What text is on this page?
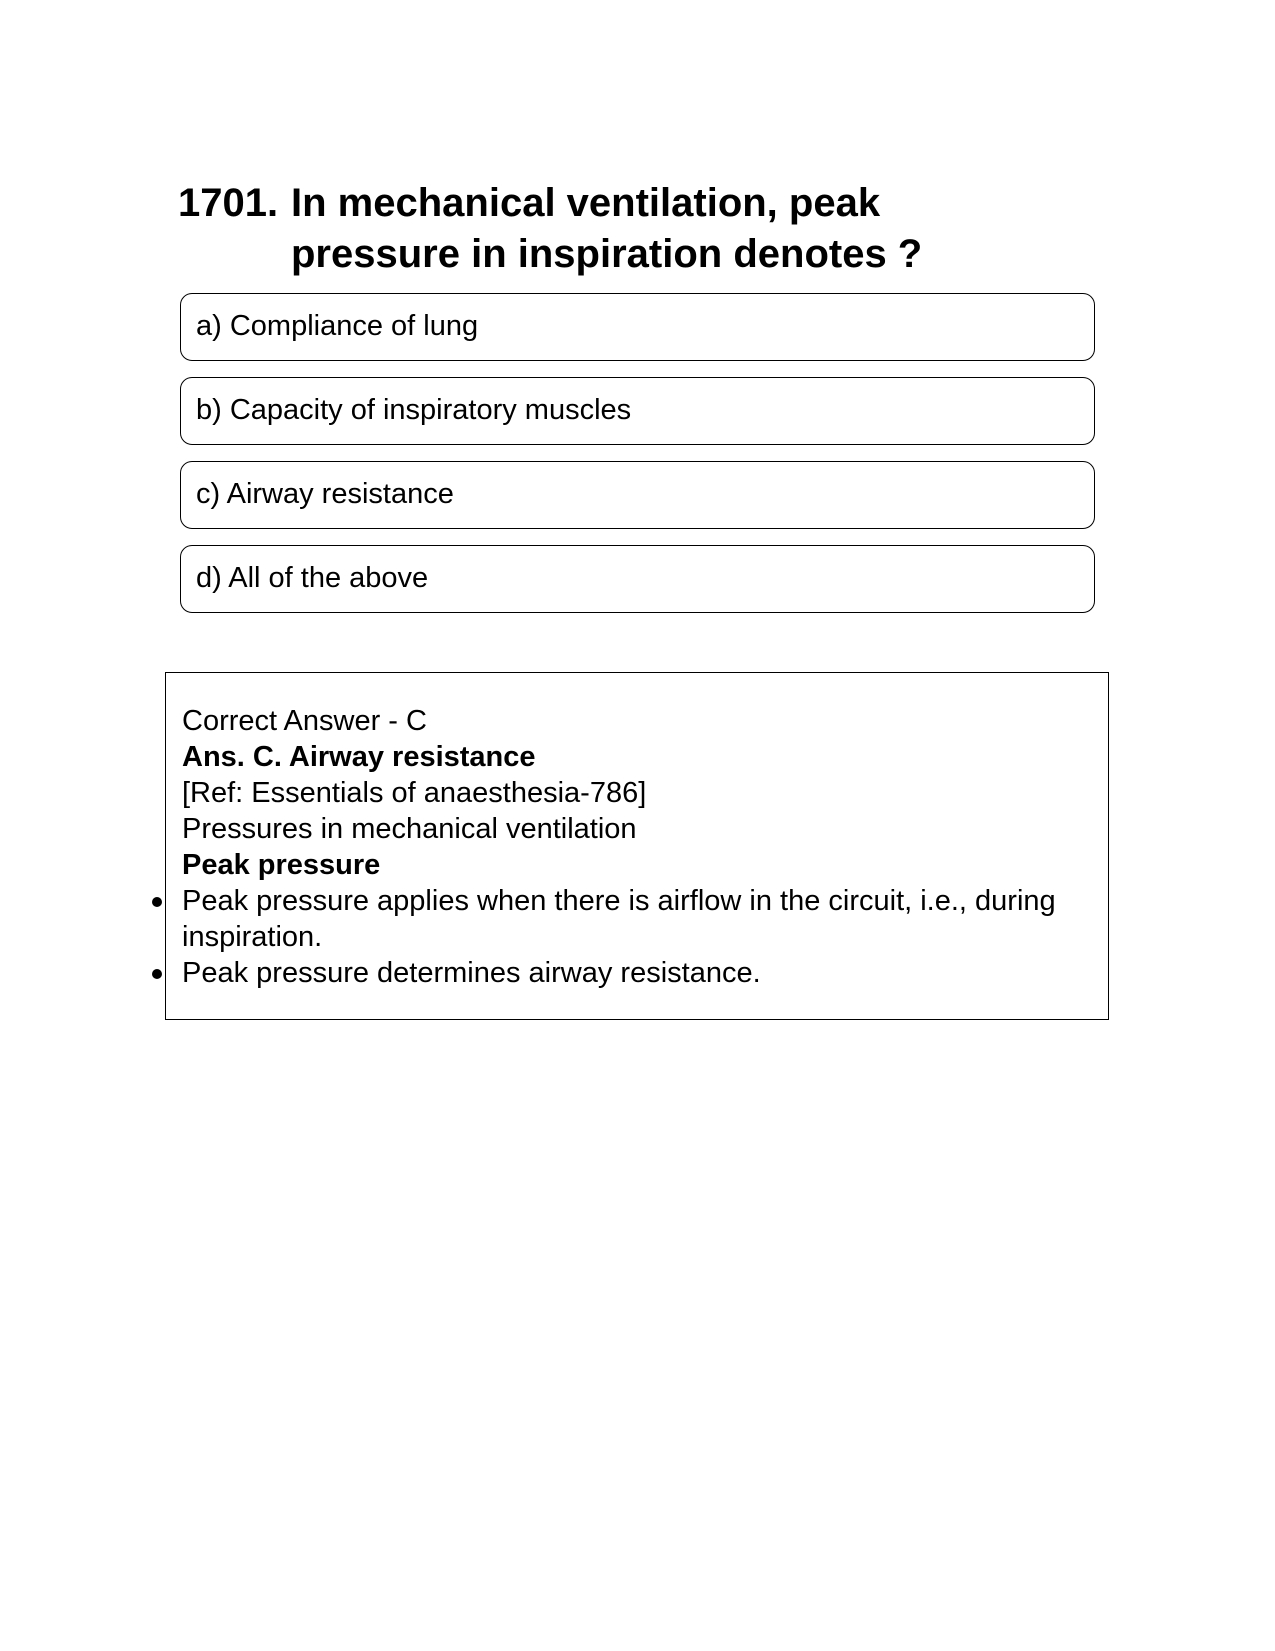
1701. In mechanical ventilation, peak pressure in inspiration denotes ?
a) Compliance of lung
b) Capacity of inspiratory muscles
c) Airway resistance
d) All of the above
Correct Answer - C
Ans. C. Airway resistance
[Ref: Essentials of anaesthesia-786]
Pressures in mechanical ventilation
Peak pressure
Peak pressure applies when there is airflow in the circuit, i.e., during inspiration.
Peak pressure determines airway resistance.
